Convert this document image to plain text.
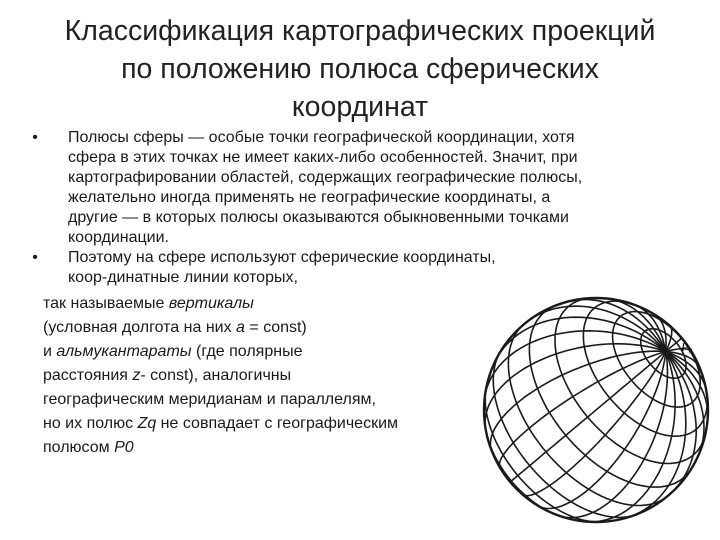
Классификация картографических проекций
по положению полюса сферических
координат
• Полюсы сферы — особые точки географической координации, хотя
сфера в этих точках не имеет каких-либо особенностей. Значит, при
картографировании областей, содержащих географические полюсы,
желательно иногда применять не географические координаты, а
другие — в которых полюсы оказываются обыкновенными точками
координации.
• Поэтому на сфере используют сферические координаты,
коор-динатные линии которых,
так называемые вертикалы
(условная долгота на них a = const)
и альмукантараты (где полярные
расстояния z- const), аналогичны
географическим меридианам и параллелям,
но их полюс Zq не совпадает с географическим
полюсом P0
P₀
